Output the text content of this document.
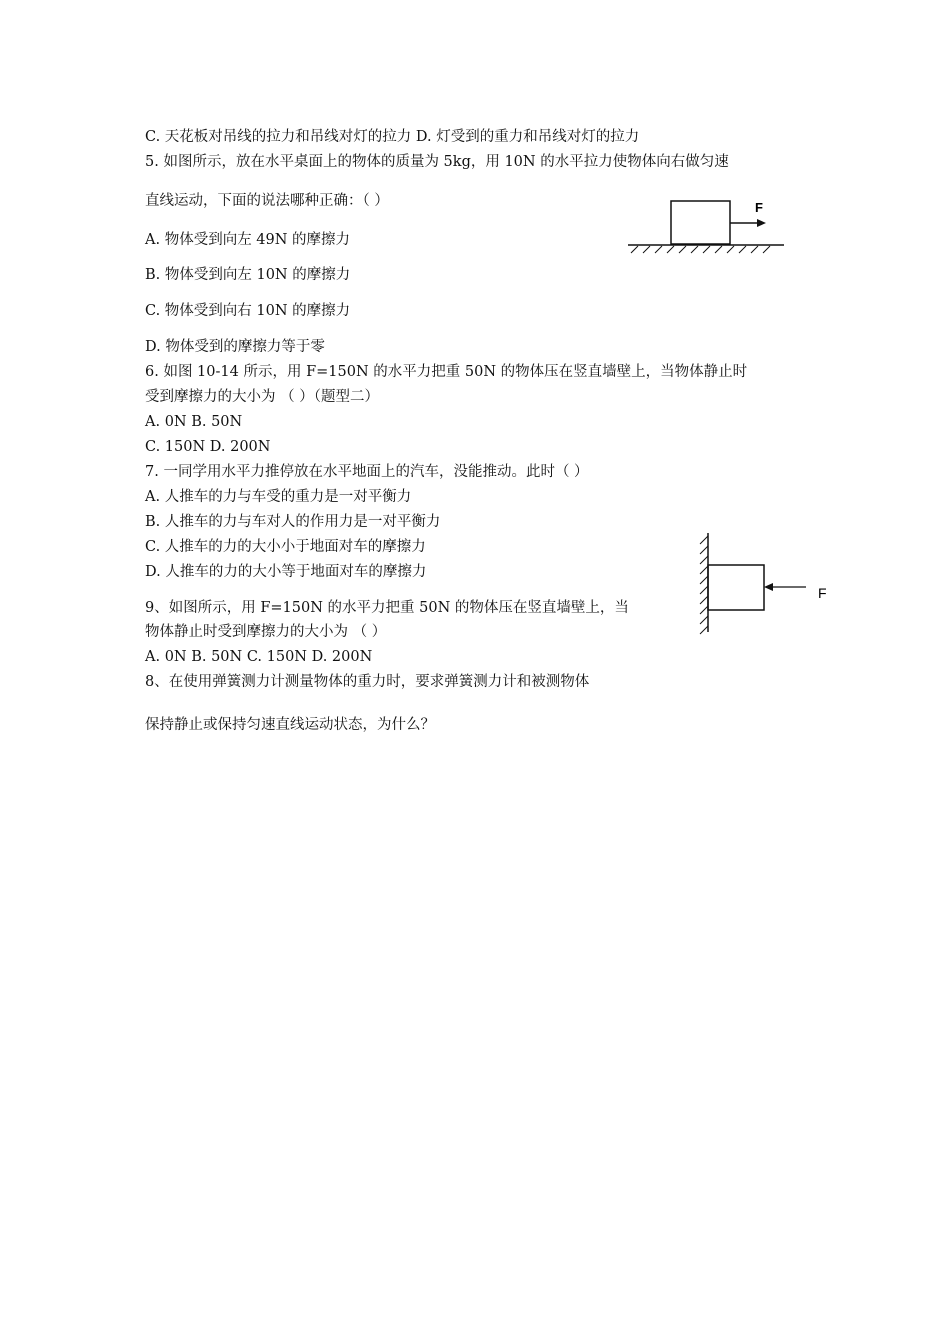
C. 天花板对吊线的拉力和吊线对灯的拉力 D. 灯受到的重力和吊线对灯的拉力
5. 如图所示，放在水平桌面上的物体的质量为 5kg，用 10N 的水平拉力使物体向右做匀速
直线运动，下面的说法哪种正确：（ ）
A. 物体受到向左 49N 的摩擦力
B. 物体受到向左 10N 的摩擦力
C. 物体受到向右 10N 的摩擦力
D. 物体受到的摩擦力等于零
6. 如图 10-14 所示，用 F=150N 的水平力把重 50N 的物体压在竖直墙壁上，当物体静止时
受到摩擦力的大小为 （ ）（题型二）
A. 0N B. 50N
C. 150N D. 200N
7. 一同学用水平力推停放在水平地面上的汽车，没能推动。此时（ ）
A. 人推车的力与车受的重力是一对平衡力
B. 人推车的力与车对人的作用力是一对平衡力
C. 人推车的力的大小小于地面对车的摩擦力
D. 人推车的力的大小等于地面对车的摩擦力
9、如图所示，用 F=150N 的水平力把重 50N 的物体压在竖直墙壁上，当
物体静止时受到摩擦力的大小为 （ ）
A. 0N B. 50N C. 150N D. 200N
8、在使用弹簧测力计测量物体的重力时，要求弹簧测力计和被测物体
保持静止或保持匀速直线运动状态，为什么？
F
F
